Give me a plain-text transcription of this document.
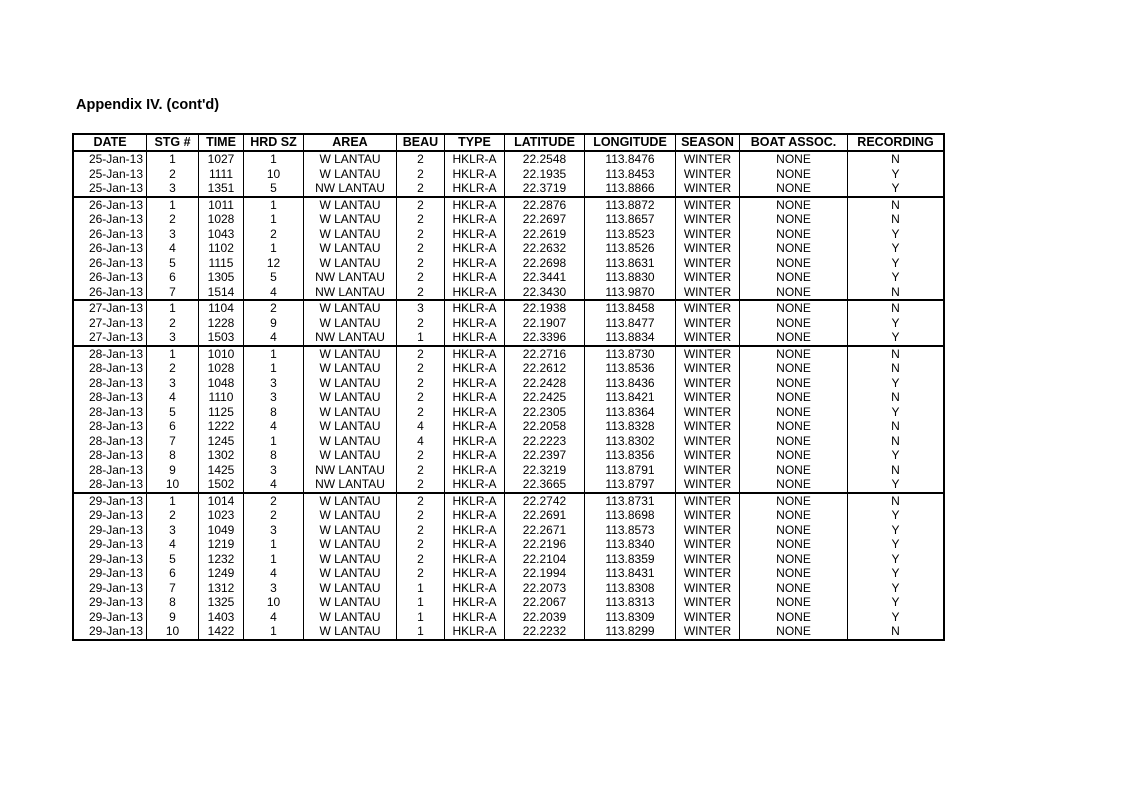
Appendix IV. (cont'd)
DATE	STG #	TIME	HRD SZ	AREA	BEAU	TYPE	LATITUDE	LONGITUDE	SEASON	BOAT ASSOC.	RECORDING
25-Jan-13	1	1027	1	W LANTAU	2	HKLR-A	22.2548	113.8476	WINTER	NONE	N
25-Jan-13	2	1111	10	W LANTAU	2	HKLR-A	22.1935	113.8453	WINTER	NONE	Y
25-Jan-13	3	1351	5	NW LANTAU	2	HKLR-A	22.3719	113.8866	WINTER	NONE	Y
26-Jan-13	1	1011	1	W LANTAU	2	HKLR-A	22.2876	113.8872	WINTER	NONE	N
26-Jan-13	2	1028	1	W LANTAU	2	HKLR-A	22.2697	113.8657	WINTER	NONE	N
26-Jan-13	3	1043	2	W LANTAU	2	HKLR-A	22.2619	113.8523	WINTER	NONE	Y
26-Jan-13	4	1102	1	W LANTAU	2	HKLR-A	22.2632	113.8526	WINTER	NONE	Y
26-Jan-13	5	1115	12	W LANTAU	2	HKLR-A	22.2698	113.8631	WINTER	NONE	Y
26-Jan-13	6	1305	5	NW LANTAU	2	HKLR-A	22.3441	113.8830	WINTER	NONE	Y
26-Jan-13	7	1514	4	NW LANTAU	2	HKLR-A	22.3430	113.9870	WINTER	NONE	N
27-Jan-13	1	1104	2	W LANTAU	3	HKLR-A	22.1938	113.8458	WINTER	NONE	N
27-Jan-13	2	1228	9	W LANTAU	2	HKLR-A	22.1907	113.8477	WINTER	NONE	Y
27-Jan-13	3	1503	4	NW LANTAU	1	HKLR-A	22.3396	113.8834	WINTER	NONE	Y
28-Jan-13	1	1010	1	W LANTAU	2	HKLR-A	22.2716	113.8730	WINTER	NONE	N
28-Jan-13	2	1028	1	W LANTAU	2	HKLR-A	22.2612	113.8536	WINTER	NONE	N
28-Jan-13	3	1048	3	W LANTAU	2	HKLR-A	22.2428	113.8436	WINTER	NONE	Y
28-Jan-13	4	1110	3	W LANTAU	2	HKLR-A	22.2425	113.8421	WINTER	NONE	N
28-Jan-13	5	1125	8	W LANTAU	2	HKLR-A	22.2305	113.8364	WINTER	NONE	Y
28-Jan-13	6	1222	4	W LANTAU	4	HKLR-A	22.2058	113.8328	WINTER	NONE	N
28-Jan-13	7	1245	1	W LANTAU	4	HKLR-A	22.2223	113.8302	WINTER	NONE	N
28-Jan-13	8	1302	8	W LANTAU	2	HKLR-A	22.2397	113.8356	WINTER	NONE	Y
28-Jan-13	9	1425	3	NW LANTAU	2	HKLR-A	22.3219	113.8791	WINTER	NONE	N
28-Jan-13	10	1502	4	NW LANTAU	2	HKLR-A	22.3665	113.8797	WINTER	NONE	Y
29-Jan-13	1	1014	2	W LANTAU	2	HKLR-A	22.2742	113.8731	WINTER	NONE	N
29-Jan-13	2	1023	2	W LANTAU	2	HKLR-A	22.2691	113.8698	WINTER	NONE	Y
29-Jan-13	3	1049	3	W LANTAU	2	HKLR-A	22.2671	113.8573	WINTER	NONE	Y
29-Jan-13	4	1219	1	W LANTAU	2	HKLR-A	22.2196	113.8340	WINTER	NONE	Y
29-Jan-13	5	1232	1	W LANTAU	2	HKLR-A	22.2104	113.8359	WINTER	NONE	Y
29-Jan-13	6	1249	4	W LANTAU	2	HKLR-A	22.1994	113.8431	WINTER	NONE	Y
29-Jan-13	7	1312	3	W LANTAU	1	HKLR-A	22.2073	113.8308	WINTER	NONE	Y
29-Jan-13	8	1325	10	W LANTAU	1	HKLR-A	22.2067	113.8313	WINTER	NONE	Y
29-Jan-13	9	1403	4	W LANTAU	1	HKLR-A	22.2039	113.8309	WINTER	NONE	Y
29-Jan-13	10	1422	1	W LANTAU	1	HKLR-A	22.2232	113.8299	WINTER	NONE	N
